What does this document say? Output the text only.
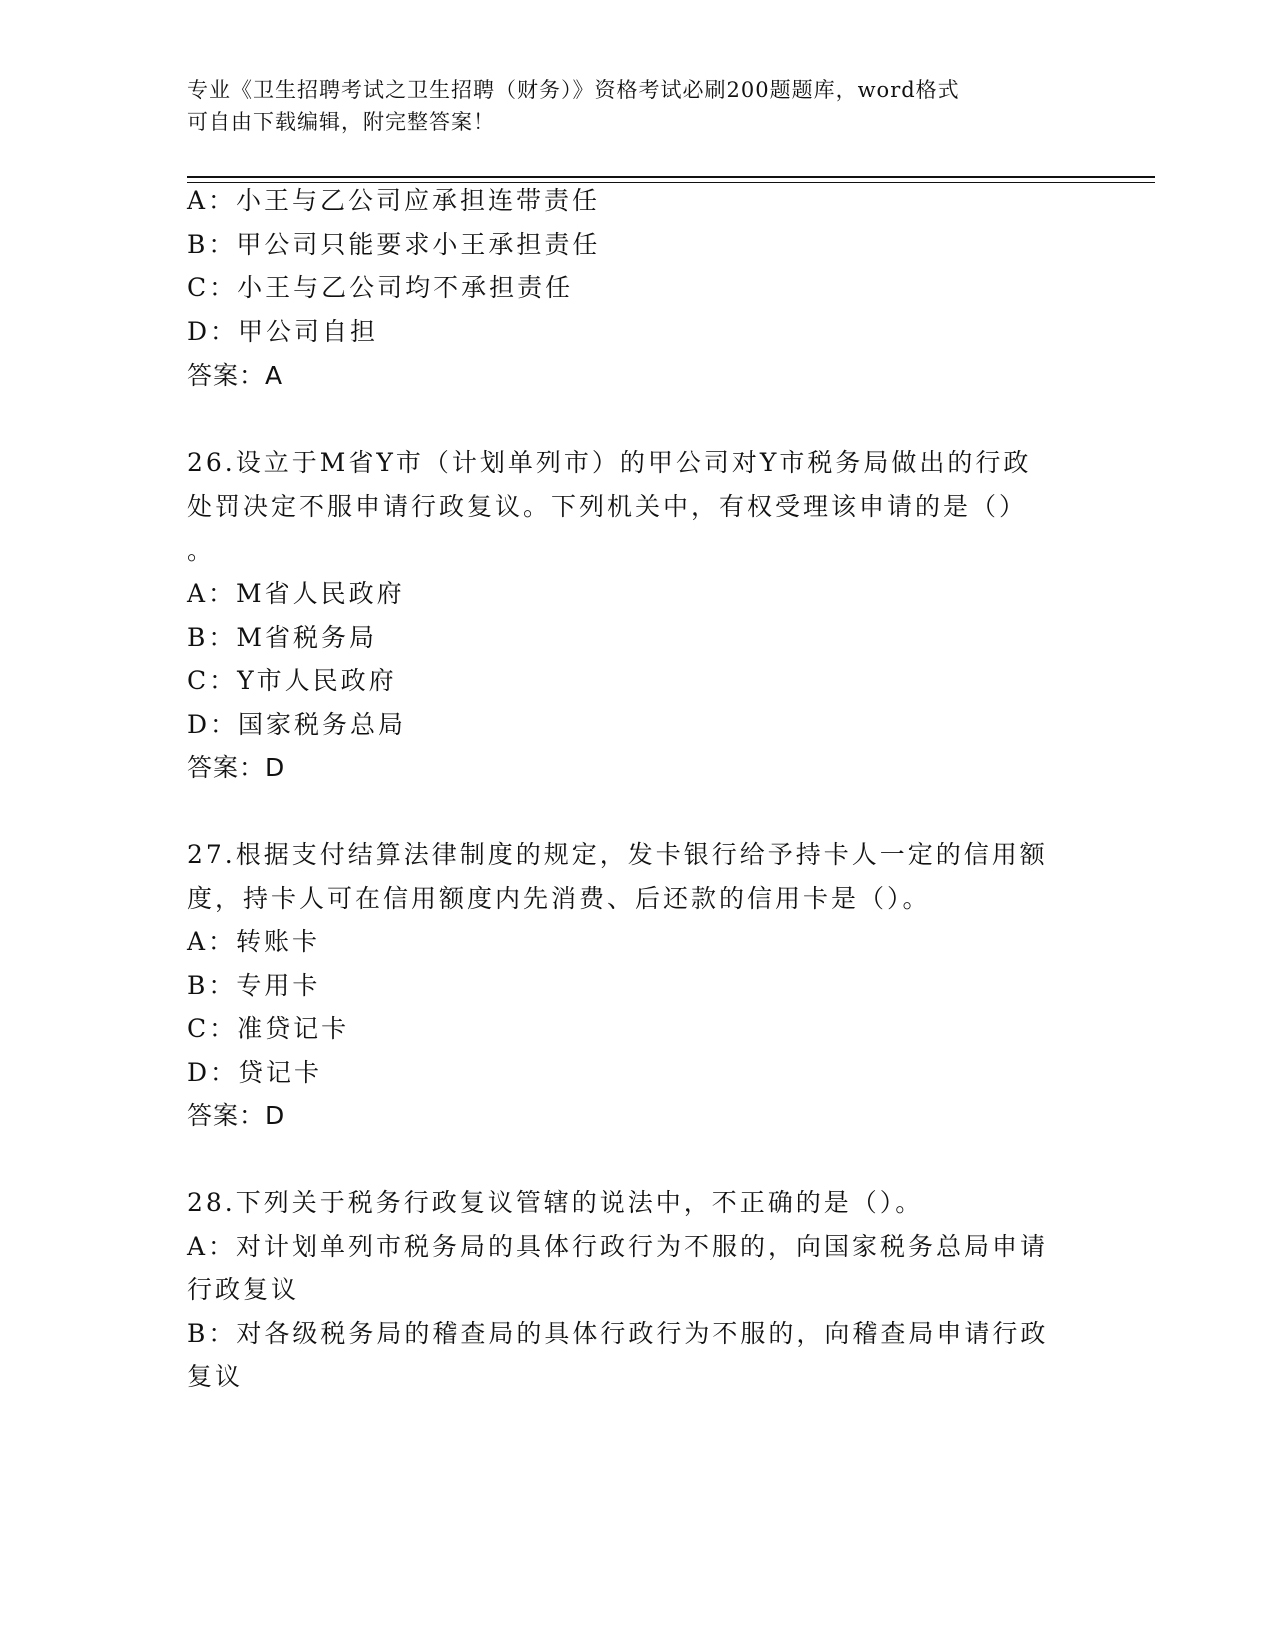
专业《卫生招聘考试之卫生招聘（财务）》资格考试必刷200题题库，word格式
可自由下载编辑，附完整答案！
A：小王与乙公司应承担连带责任
B：甲公司只能要求小王承担责任
C：小王与乙公司均不承担责任
D：甲公司自担
答案：A
26.设立于M省Y市（计划单列市）的甲公司对Y市税务局做出的行政
处罚决定不服申请行政复议。下列机关中，有权受理该申请的是（）
。
A：M省人民政府
B：M省税务局
C：Y市人民政府
D：国家税务总局
答案：D
27.根据支付结算法律制度的规定，发卡银行给予持卡人一定的信用额
度，持卡人可在信用额度内先消费、后还款的信用卡是（）。
A：转账卡
B：专用卡
C：准贷记卡
D：贷记卡
答案：D
28.下列关于税务行政复议管辖的说法中，不正确的是（）。
A：对计划单列市税务局的具体行政行为不服的，向国家税务总局申请
行政复议
B：对各级税务局的稽查局的具体行政行为不服的，向稽查局申请行政
复议
